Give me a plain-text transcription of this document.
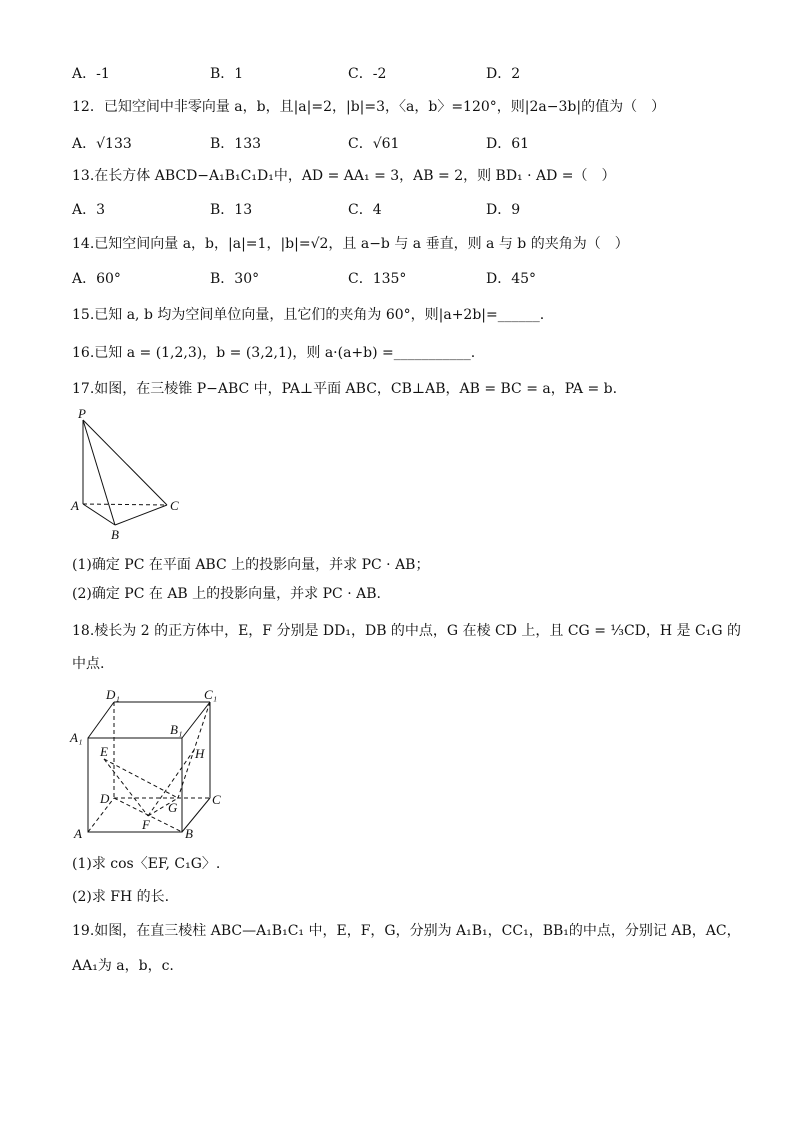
A．-1	B．1	C．-2	D．2
12．已知空间中非零向量 a，b，且|a|=2，|b|=3，〈a，b〉=120°，则|2a−3b|的值为（　）
A．√133	B．133	C．√61	D．61
13.在长方体 ABCD−A₁B₁C₁D₁中，AD = AA₁ = 3，AB = 2，则 BD₁ · AD =（　）
A．3	B．13	C．4	D．9
14.已知空间向量 a，b，|a|=1，|b|=√2，且 a−b 与 a 垂直，则 a 与 b 的夹角为（　）
A．60°	B．30°	C．135°	D．45°
15.已知 a, b 均为空间单位向量，且它们的夹角为 60°，则|a+2b|=______.
16.已知 a = (1,2,3)，b = (3,2,1)，则 a·(a+b) =___________.
17.如图，在三棱锥 P−ABC 中，PA⊥平面 ABC，CB⊥AB，AB = BC = a，PA = b.
P
A
B
C
(1)确定 PC 在平面 ABC 上的投影向量，并求 PC · AB；
(2)确定 PC 在 AB 上的投影向量，并求 PC · AB.
18.棱长为 2 的正方体中，E，F 分别是 DD₁，DB 的中点，G 在棱 CD 上，且 CG = ⅓CD，H 是 C₁G 的
中点.
D₁	C₁
A₁
B₁
E	H
D
G
C
F
A	B
(1)求 cos〈EF, C₁G〉.
(2)求 FH 的长.
19.如图，在直三棱柱 ABC—A₁B₁C₁ 中，E，F，G，分别为 A₁B₁，CC₁，BB₁的中点，分别记 AB，AC，
AA₁为 a，b，c.
